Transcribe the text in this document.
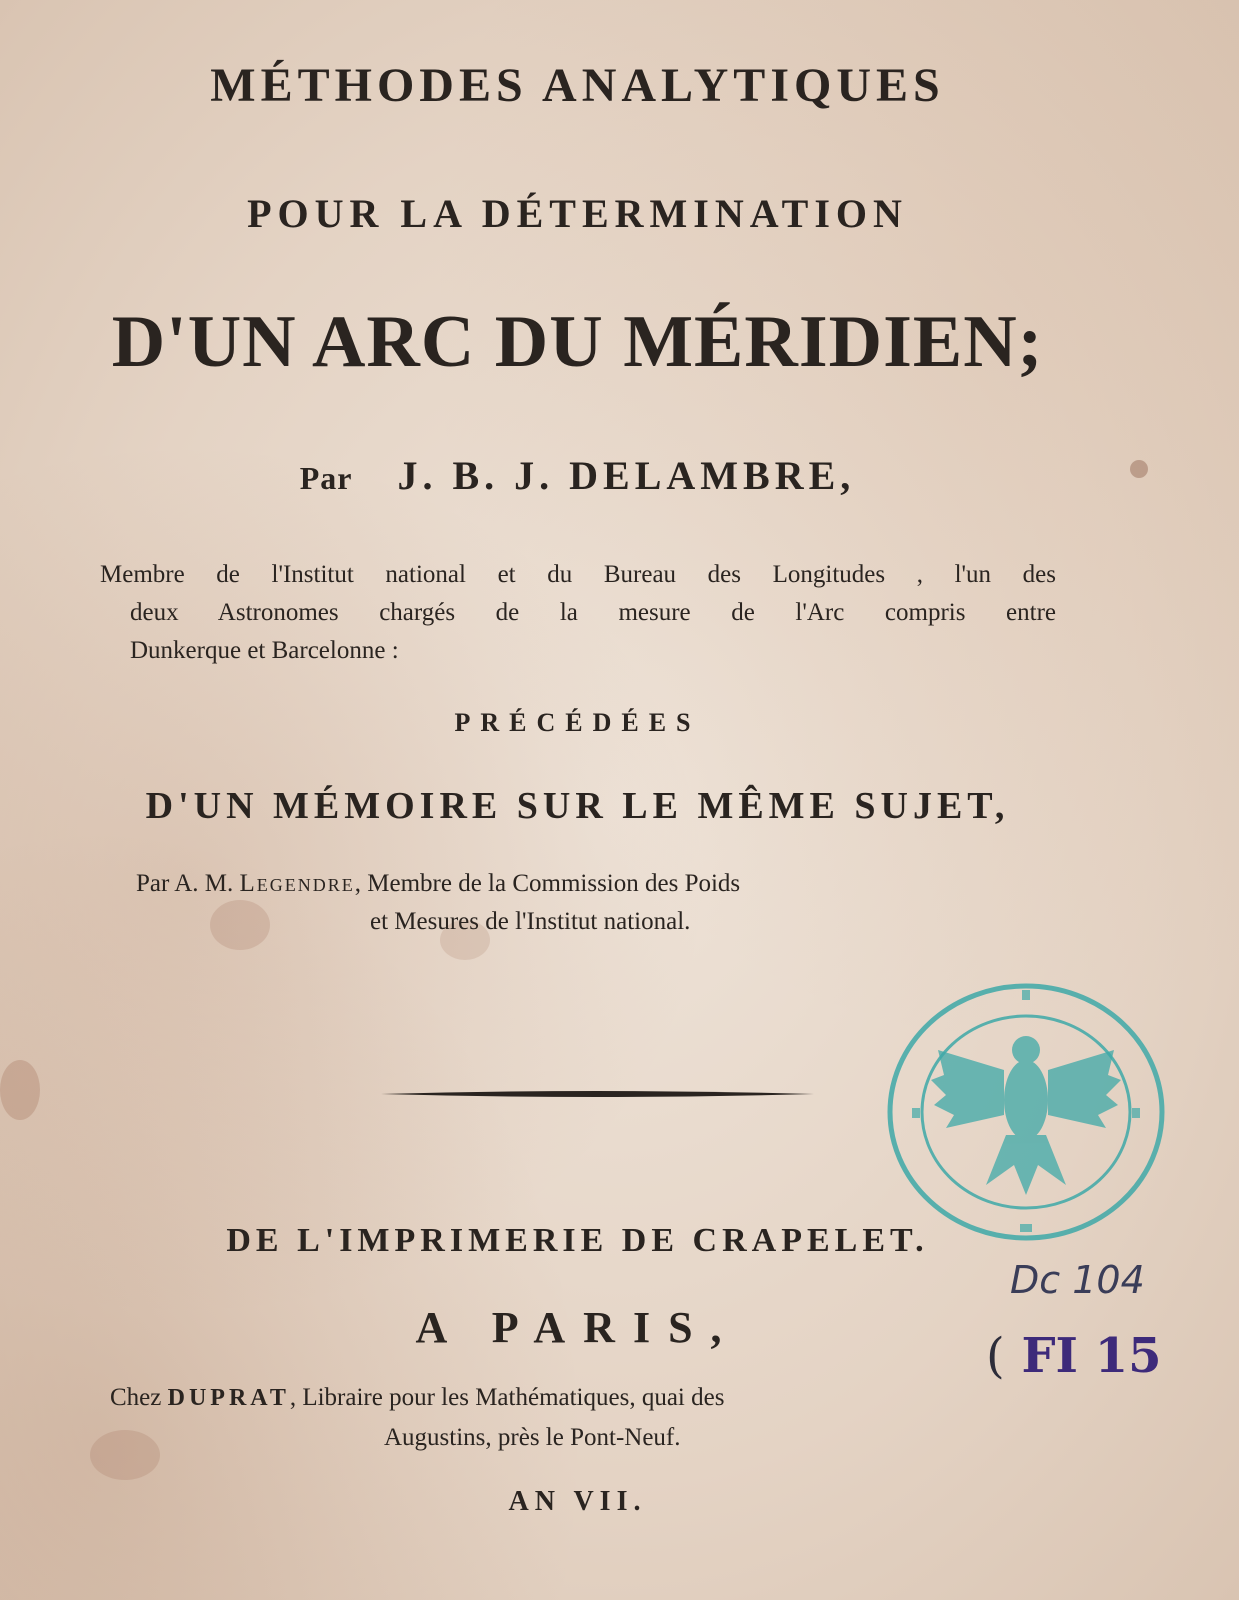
MÉTHODES ANALYTIQUES
POUR LA DÉTERMINATION
D'UN ARC DU MÉRIDIEN;
Par J. B. J. DELAMBRE,
Membre de l'Institut national et du Bureau des Longitudes , l'un des
deux Astronomes chargés de la mesure de l'Arc compris entre
Dunkerque et Barcelonne :
PRÉCÉDÉES
D'UN MÉMOIRE SUR LE MÊME SUJET,
Par A. M. Legendre, Membre de la Commission des Poids
et Mesures de l'Institut national.
DE L'IMPRIMERIE DE CRAPELET.
A PARIS,
Chez DUPRAT, Libraire pour les Mathématiques, quai des
Augustins, près le Pont-Neuf.
AN VII.
Dc 104
( FI 15
